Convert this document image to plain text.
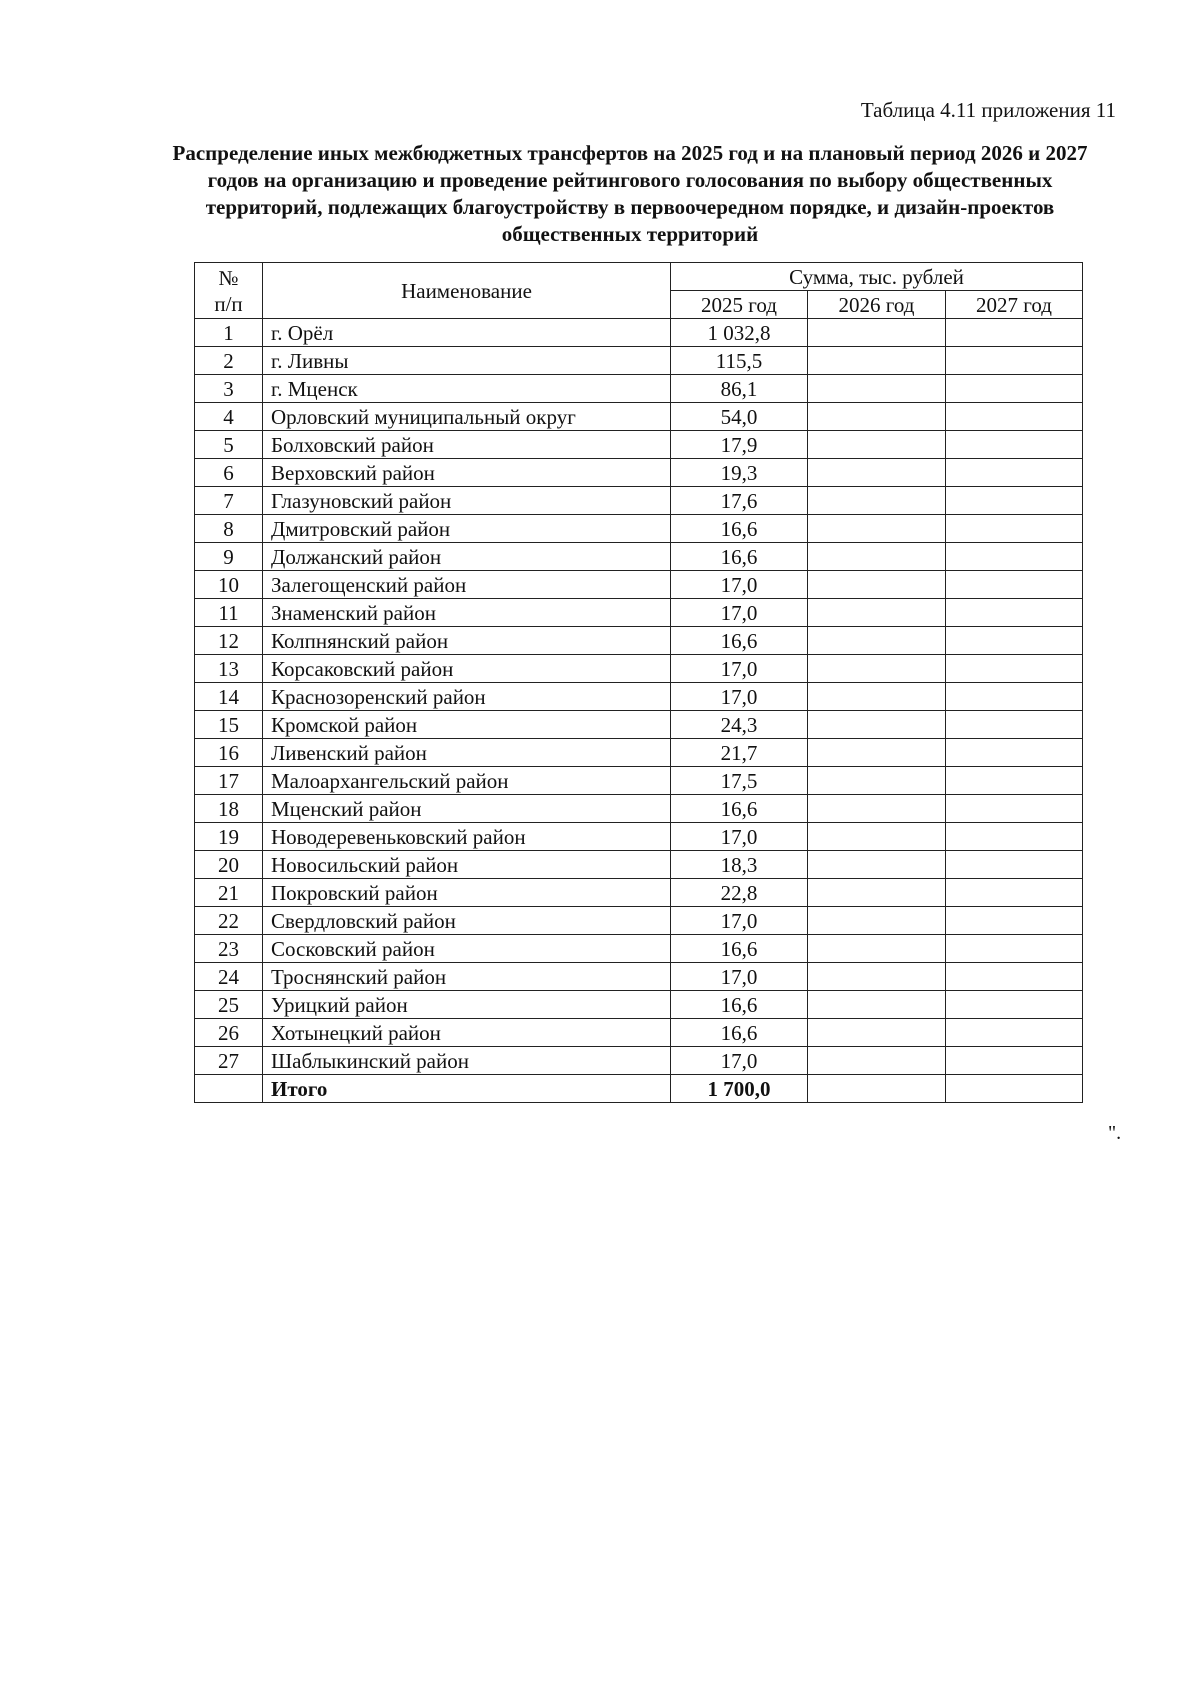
Таблица 4.11 приложения 11
Распределение иных межбюджетных трансфертов на 2025 год и на плановый период 2026 и 2027 годов на организацию и проведение рейтингового голосования по выбору общественных территорий, подлежащих благоустройству в первоочередном порядке, и дизайн-проектов общественных территорий
№
п/п	Наименование	Сумма, тыс. рублей		
		2025 год	2026 год	2027 год
1	г. Орёл	1 032,8		
2	г. Ливны	115,5		
3	г. Мценск	86,1		
4	Орловский муниципальный округ	54,0		
5	Болховский район	17,9		
6	Верховский район	19,3		
7	Глазуновский район	17,6		
8	Дмитровский район	16,6		
9	Должанский район	16,6		
10	Залегощенский район	17,0		
11	Знаменский район	17,0		
12	Колпнянский район	16,6		
13	Корсаковский район	17,0		
14	Краснозоренский район	17,0		
15	Кромской район	24,3		
16	Ливенский район	21,7		
17	Малоархангельский район	17,5		
18	Мценский район	16,6		
19	Новодеревеньковский район	17,0		
20	Новосильский район	18,3		
21	Покровский район	22,8		
22	Свердловский район	17,0		
23	Сосковский район	16,6		
24	Троснянский район	17,0		
25	Урицкий район	16,6		
26	Хотынецкий район	16,6		
27	Шаблыкинский район	17,0		
	Итого	1 700,0		
".
